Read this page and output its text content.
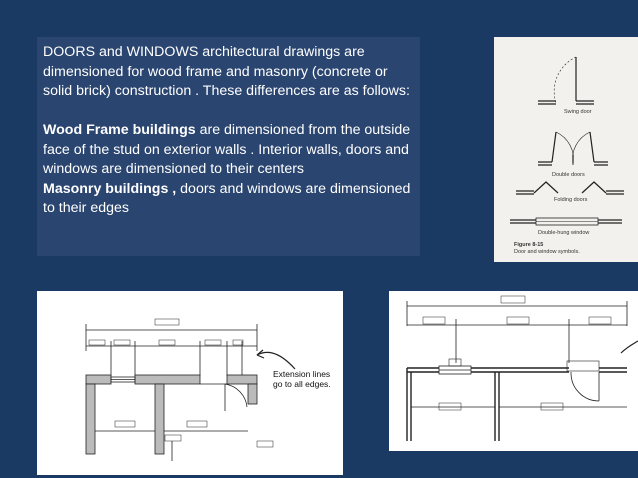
DOORS and WINDOWS architectural drawings are dimensioned for wood frame and masonry (concrete or solid brick) construction . These differences are as follows:

Wood Frame buildings are dimensioned from the outside face of the stud on exterior walls . Interior walls, doors and windows are dimensioned to their centers

Masonry buildings , doors and windows are dimensioned to their edges

Swing door
Double doors
Folding doors
Double-hung window
Figure 8-15
Door and window symbols.
Extension lines
go to all edges.
